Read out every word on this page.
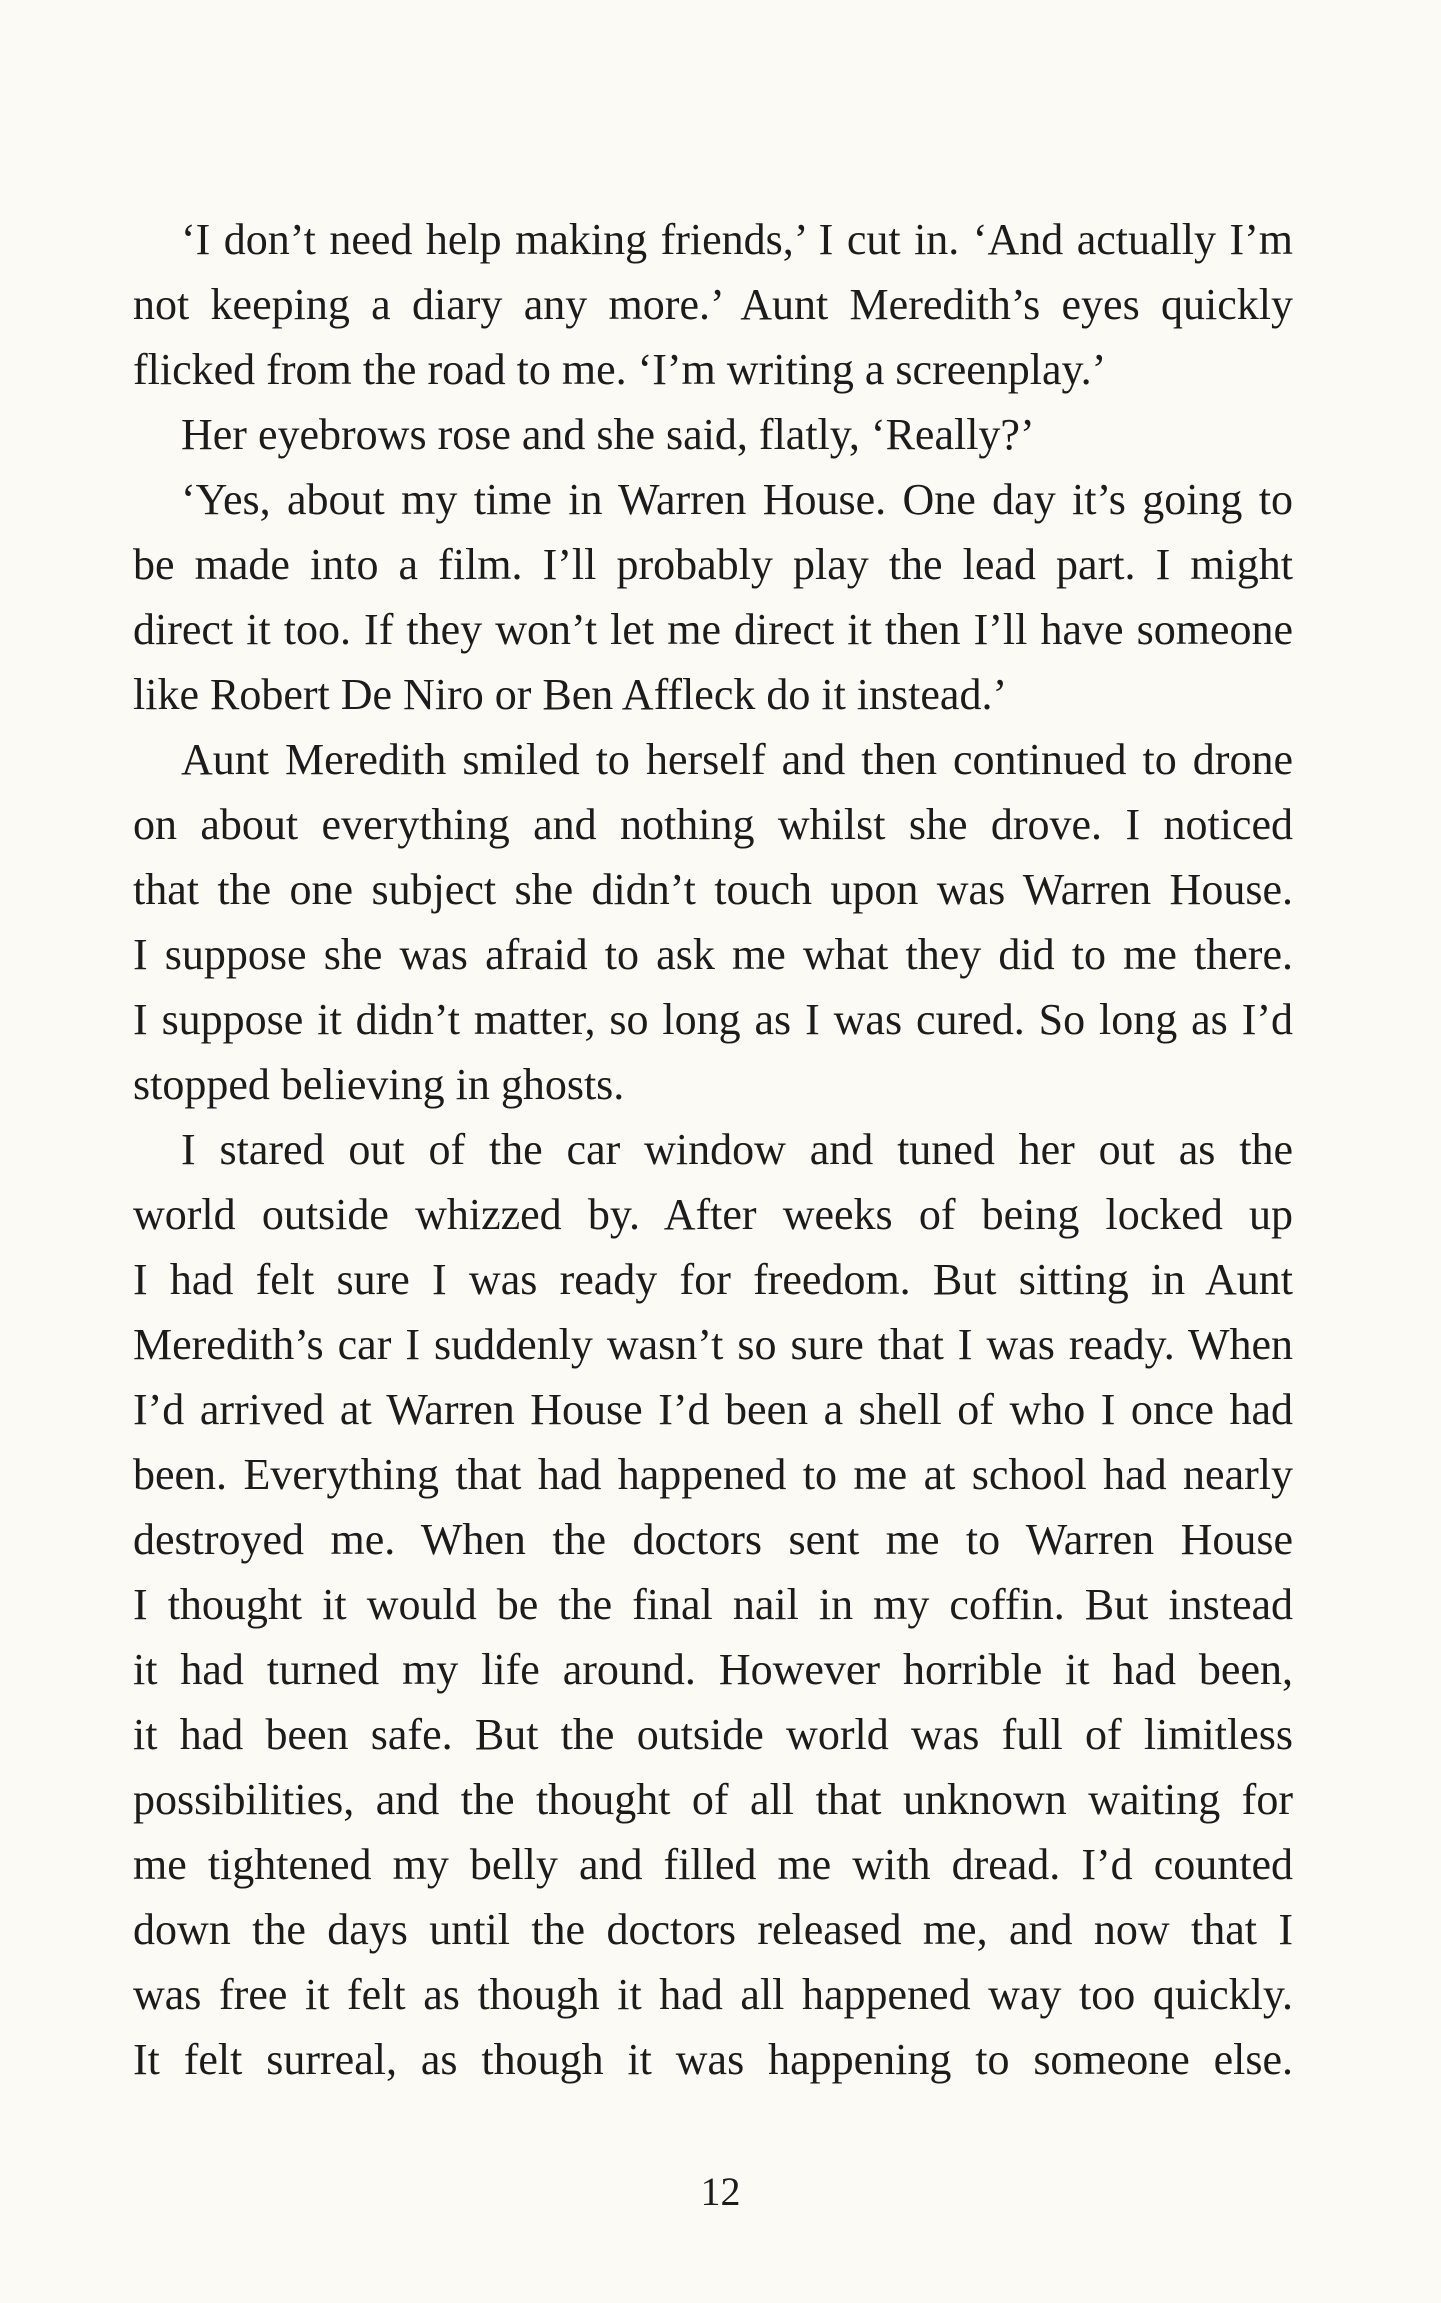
‘I don’t need help making friends,’ I cut in. ‘And actually I’m
not keeping a diary any more.’ Aunt Meredith’s eyes quickly
flicked from the road to me. ‘I’m writing a screenplay.’

Her eyebrows rose and she said, flatly, ‘Really?’

‘Yes, about my time in Warren House. One day it’s going to
be made into a film. I’ll probably play the lead part. I might
direct it too. If they won’t let me direct it then I’ll have someone
like Robert De Niro or Ben Affleck do it instead.’

Aunt Meredith smiled to herself and then continued to drone
on about everything and nothing whilst she drove. I noticed
that the one subject she didn’t touch upon was Warren House.
I suppose she was afraid to ask me what they did to me there.
I suppose it didn’t matter, so long as I was cured. So long as I’d
stopped believing in ghosts.

I stared out of the car window and tuned her out as the
world outside whizzed by. After weeks of being locked up
I had felt sure I was ready for freedom. But sitting in Aunt
Meredith’s car I suddenly wasn’t so sure that I was ready. When
I’d arrived at Warren House I’d been a shell of who I once had
been. Everything that had happened to me at school had nearly
destroyed me. When the doctors sent me to Warren House
I thought it would be the final nail in my coffin. But instead
it had turned my life around. However horrible it had been,
it had been safe. But the outside world was full of limitless
possibilities, and the thought of all that unknown waiting for
me tightened my belly and filled me with dread. I’d counted
down the days until the doctors released me, and now that I
was free it felt as though it had all happened way too quickly.
It felt surreal, as though it was happening to someone else.

12
